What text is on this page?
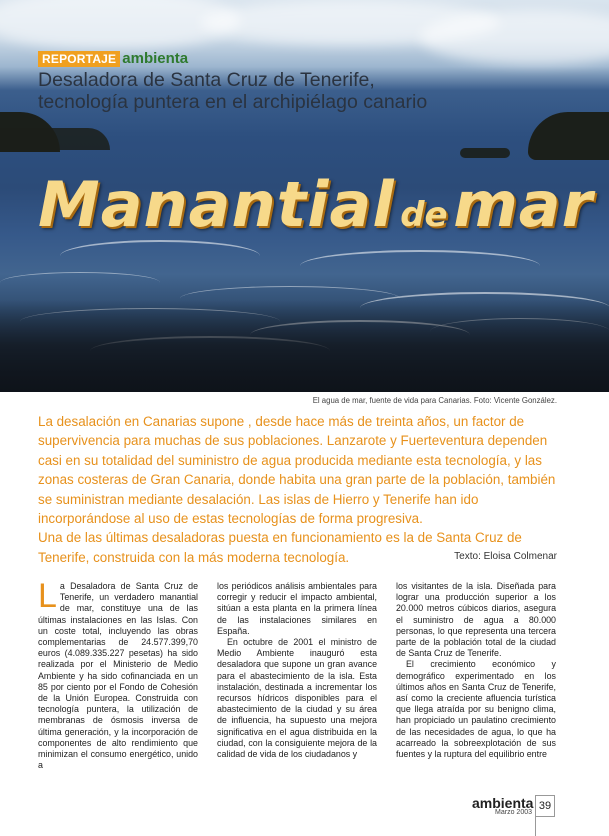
REPORTAJE ambienta
Desaladora de Santa Cruz de Tenerife,
tecnología puntera en el archipiélago canario
Manantial de mar
El agua de mar, fuente de vida para Canarias. Foto: Vicente González.

La desalación en Canarias supone , desde hace más de treinta años, un factor de supervivencia para muchas de sus poblaciones. Lanzarote y Fuerteventura dependen casi en su totalidad del suministro de agua producida mediante esta tecnología, y las zonas costeras de Gran Canaria, donde habita una gran parte de la población, también se suministran mediante desalación. Las islas de Hierro y Tenerife han ido incorporándose al uso de estas tecnologías de forma progresiva.

Una de las últimas desaladoras puesta en funcionamiento es la de Santa Cruz de Tenerife, construida con la más moderna tecnología.	Texto: Eloisa Colmenar

La Desaladora de Santa Cruz de Tenerife, un verdadero manantial de mar, constituye una de las últimas instalaciones en las Islas. Con un coste total, incluyendo las obras complementarias de 24.577.399,70 euros (4.089.335.227 pesetas) ha sido realizada por el Ministerio de Medio Ambiente y ha sido cofinanciada en un 85 por ciento por el Fondo de Cohesión de la Unión Europea. Construida con tecnología puntera, la utilización de membranas de ósmosis inversa de última generación, y la incorporación de componentes de alto rendimiento que minimizan el consumo energético, unido a

los periódicos análisis ambientales para corregir y reducir el impacto ambiental, sitúan a esta planta en la primera línea de las instalaciones similares en España.

En octubre de 2001 el ministro de Medio Ambiente inauguró esta desaladora que supone un gran avance para el abastecimiento de la isla. Esta instalación, destinada a incrementar los recursos hídricos disponibles para el abastecimiento de la ciudad y su área de influencia, ha supuesto una mejora significativa en el agua distribuida en la ciudad, con la consiguiente mejora de la calidad de vida de los ciudadanos y

los visitantes de la isla. Diseñada para lograr una producción superior a los 20.000 metros cúbicos diarios, asegura el suministro de agua a 80.000 personas, lo que representa una tercera parte de la población total de la ciudad de Santa Cruz de Tenerife.

El crecimiento económico y demográfico experimentado en los últimos años en Santa Cruz de Tenerife, así como la creciente afluencia turística que llega atraída por su benigno clima, han propiciado un paulatino crecimiento de las necesidades de agua, lo que ha acarreado la sobreexplotación de sus fuentes y la ruptura del equilibrio entre

ambienta
Marzo 2003
39
